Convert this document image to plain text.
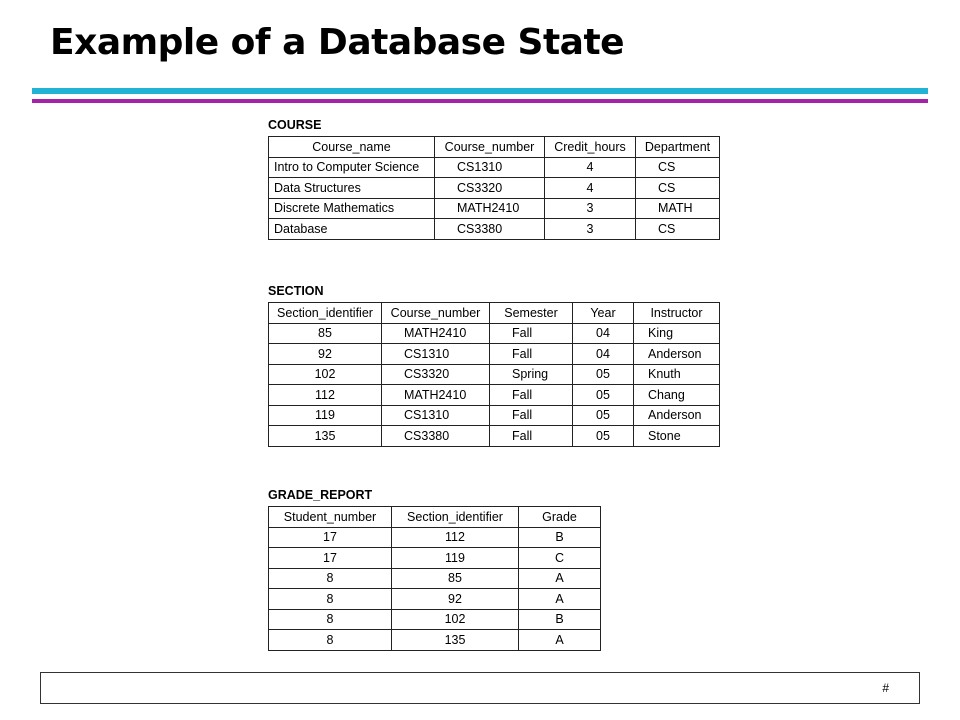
Example of a Database State

COURSE

Course_name	Course_number	Credit_hours	Department
Intro to Computer Science	CS1310	4	CS
Data Structures	CS3320	4	CS
Discrete Mathematics	MATH2410	3	MATH
Database	CS3380	3	CS

SECTION

Section_identifier	Course_number	Semester	Year	Instructor
85	MATH2410	Fall	04	King
92	CS1310	Fall	04	Anderson
102	CS3320	Spring	05	Knuth
112	MATH2410	Fall	05	Chang
119	CS1310	Fall	05	Anderson
135	CS3380	Fall	05	Stone

GRADE_REPORT

Student_number	Section_identifier	Grade
17	112	B
17	119	C
8	85	A
8	92	A
8	102	B
8	135	A
#
